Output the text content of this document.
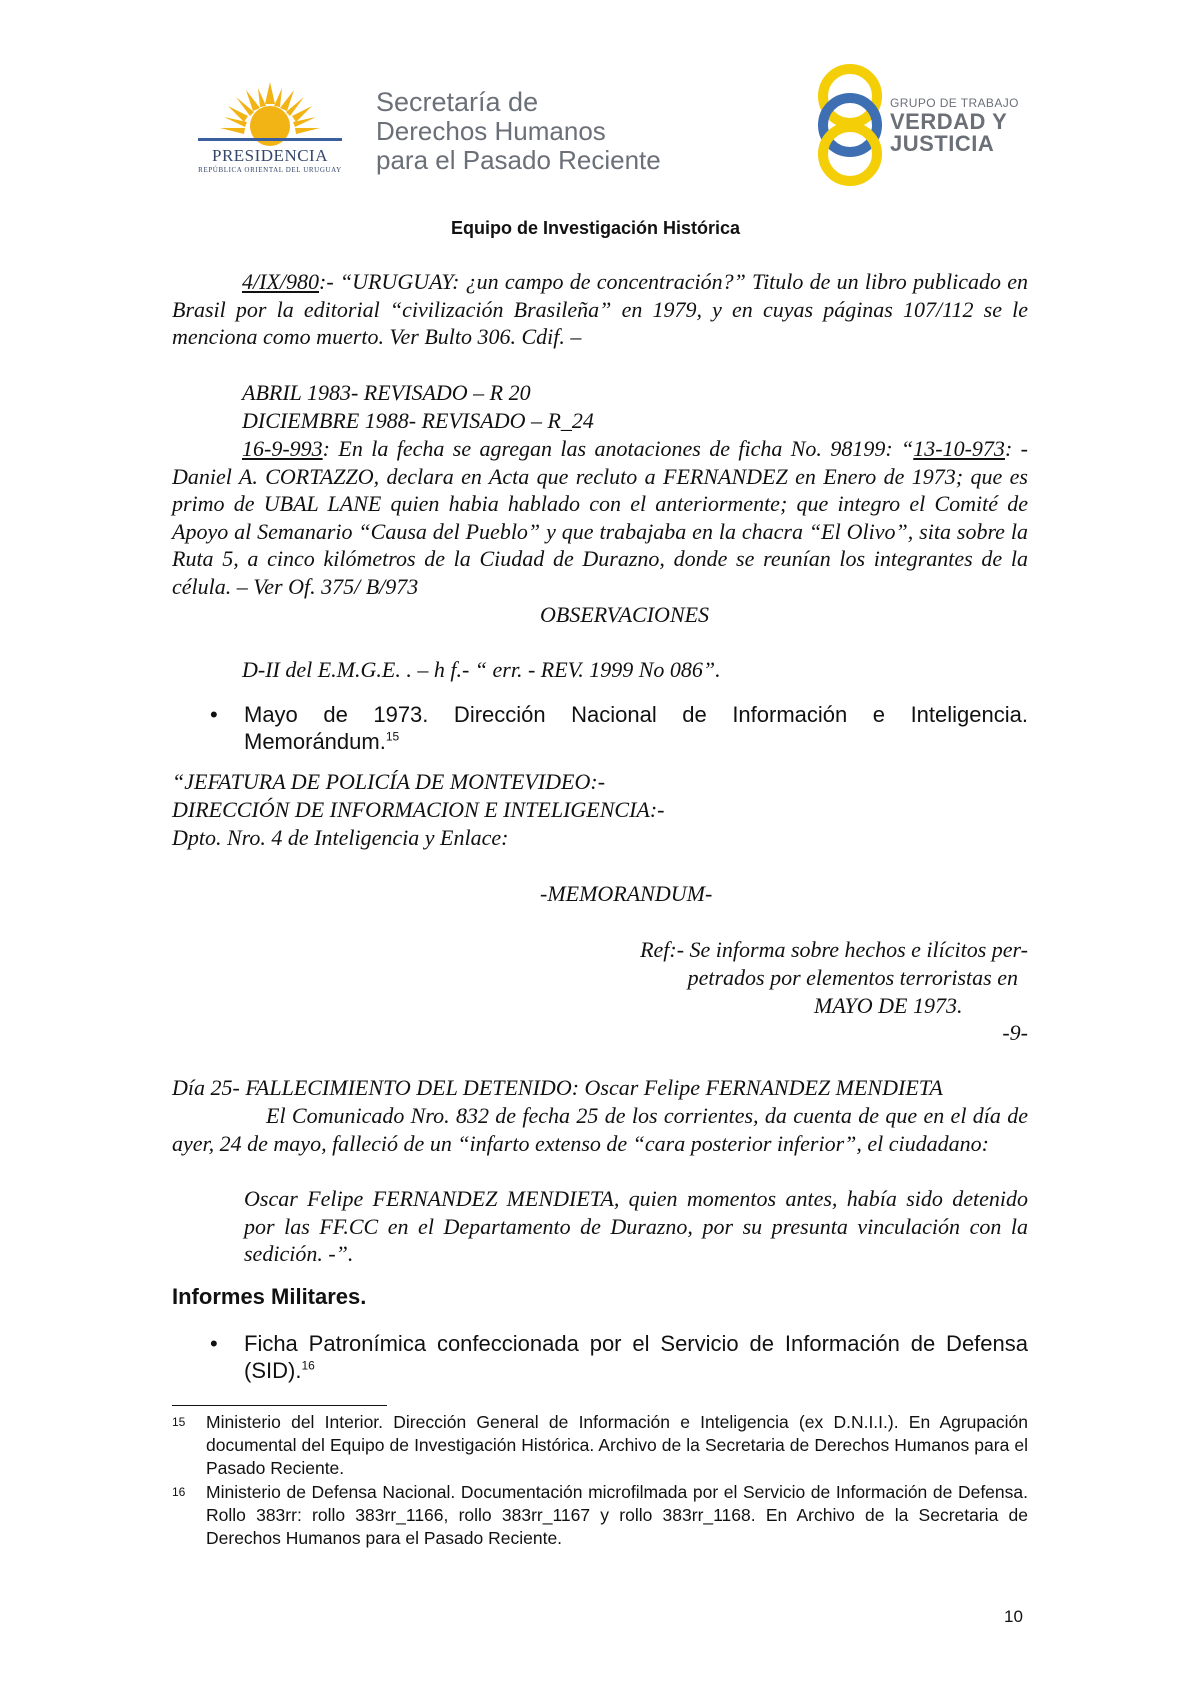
PRESIDENCIA
REPÚBLICA ORIENTAL DEL URUGUAY
Secretaría de
Derechos Humanos
para el Pasado Reciente
GRUPO DE TRABAJO
VERDAD Y
JUSTICIA
Equipo de Investigación Histórica
4/IX/980:- “URUGUAY: ¿un campo de concentración?” Titulo de un libro publicado en Brasil por la editorial “civilización Brasileña” en 1979, y en cuyas páginas 107/112 se le menciona como muerto. Ver Bulto 306. Cdif. –
ABRIL 1983- REVISADO – R 20
DICIEMBRE 1988- REVISADO – R_24
16-9-993: En la fecha se agregan las anotaciones de ficha No. 98199: “13-10-973: - Daniel A. CORTAZZO, declara en Acta que recluto a FERNANDEZ en Enero de 1973; que es primo de UBAL LANE quien habia hablado con el anteriormente; que integro el Comité de Apoyo al Semanario “Causa del Pueblo” y que trabajaba en la chacra “El Olivo”, sita sobre la Ruta 5, a cinco kilómetros de la Ciudad de Durazno, donde se reunían los integrantes de la célula. – Ver Of. 375/ B/973
OBSERVACIONES
D-II del E.M.G.E. . – h f.- “ err. - REV. 1999 No 086”.
• Mayo de 1973. Dirección Nacional de Información e Inteligencia. Memorándum.$^{15}$
“JEFATURA DE POLICÍA DE MONTEVIDEO:-
DIRECCIÓN DE INFORMACION E INTELIGENCIA:-
Dpto. Nro. 4 de Inteligencia y Enlace:
-MEMORANDUM-
Ref:- Se informa sobre hechos e ilícitos per-
petrados por elementos terroristas en
MAYO DE 1973.
-9-
Día 25- FALLECIMIENTO DEL DETENIDO: Oscar Felipe FERNANDEZ MENDIETA
El Comunicado Nro. 832 de fecha 25 de los corrientes, da cuenta de que en el día de ayer, 24 de mayo, falleció de un “infarto extenso de “cara posterior inferior”, el ciudadano:
Oscar Felipe FERNANDEZ MENDIETA, quien momentos antes, había sido detenido por las FF.CC en el Departamento de Durazno, por su presunta vinculación con la sedición. -”.
Informes Militares.
• Ficha Patronímica confeccionada por el Servicio de Información de Defensa (SID).$^{16}$
15 Ministerio del Interior. Dirección General de Información e Inteligencia (ex D.N.I.I.). En Agrupación documental del Equipo de Investigación Histórica. Archivo de la Secretaria de Derechos Humanos para el Pasado Reciente.
16 Ministerio de Defensa Nacional. Documentación microfilmada por el Servicio de Información de Defensa. Rollo 383rr: rollo 383rr_1166, rollo 383rr_1167 y rollo 383rr_1168. En Archivo de la Secretaria de Derechos Humanos para el Pasado Reciente.
10
